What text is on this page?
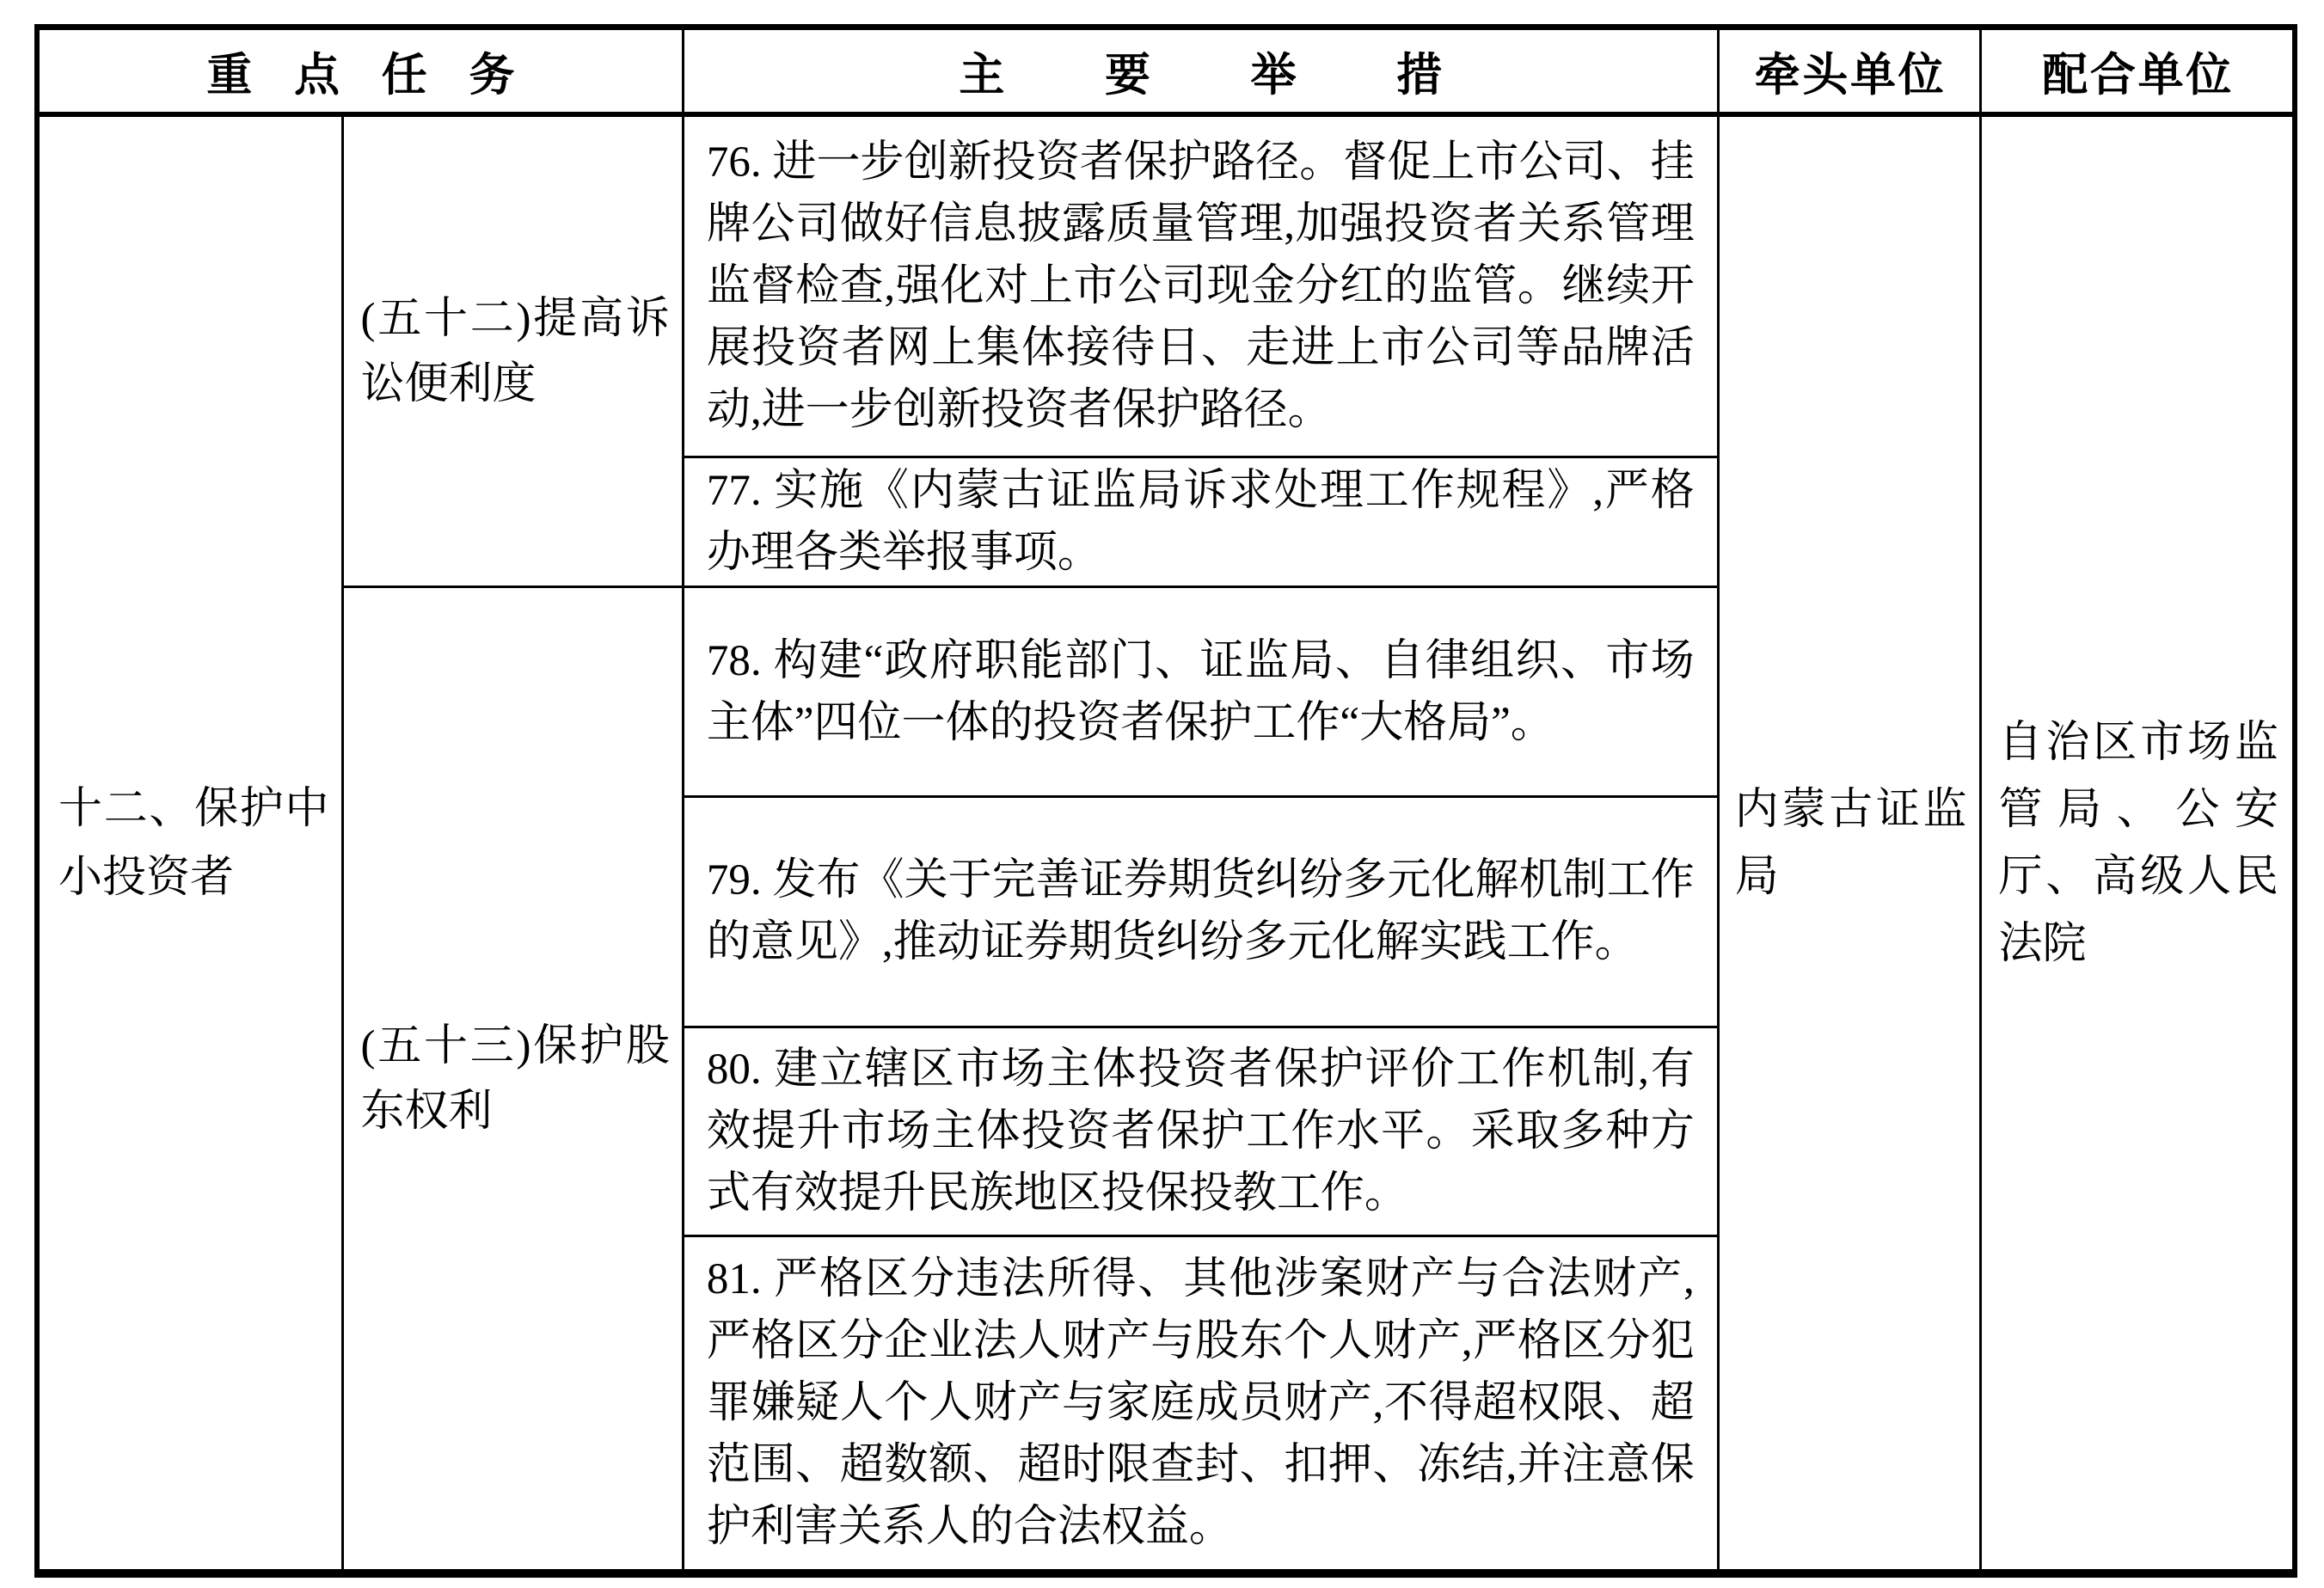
重点任务	主要举措	牵头单位 配合单位
十二、保护中小投资者
(五十二)提高诉讼便利度
(五十三)保护股东权利
76. 进一步创新投资者保护路径。督促上市公司、挂牌公司做好信息披露质量管理,加强投资者关系管理监督检查,强化对上市公司现金分红的监管。继续开展投资者网上集体接待日、走进上市公司等品牌活动,进一步创新投资者保护路径。
77. 实施《内蒙古证监局诉求处理工作规程》,严格办理各类举报事项。
78. 构建“政府职能部门、证监局、自律组织、市场主体”四位一体的投资者保护工作“大格局”。
79. 发布《关于完善证券期货纠纷多元化解机制工作的意见》,推动证券期货纠纷多元化解实践工作。
80. 建立辖区市场主体投资者保护评价工作机制,有效提升市场主体投资者保护工作水平。采取多种方式有效提升民族地区投保投教工作。
81. 严格区分违法所得、其他涉案财产与合法财产,严格区分企业法人财产与股东个人财产,严格区分犯罪嫌疑人个人财产与家庭成员财产,不得超权限、超范围、超数额、超时限查封、扣押、冻结,并注意保护利害关系人的合法权益。
内蒙古证监局
自治区市场监管局、公安厅、高级人民法院
